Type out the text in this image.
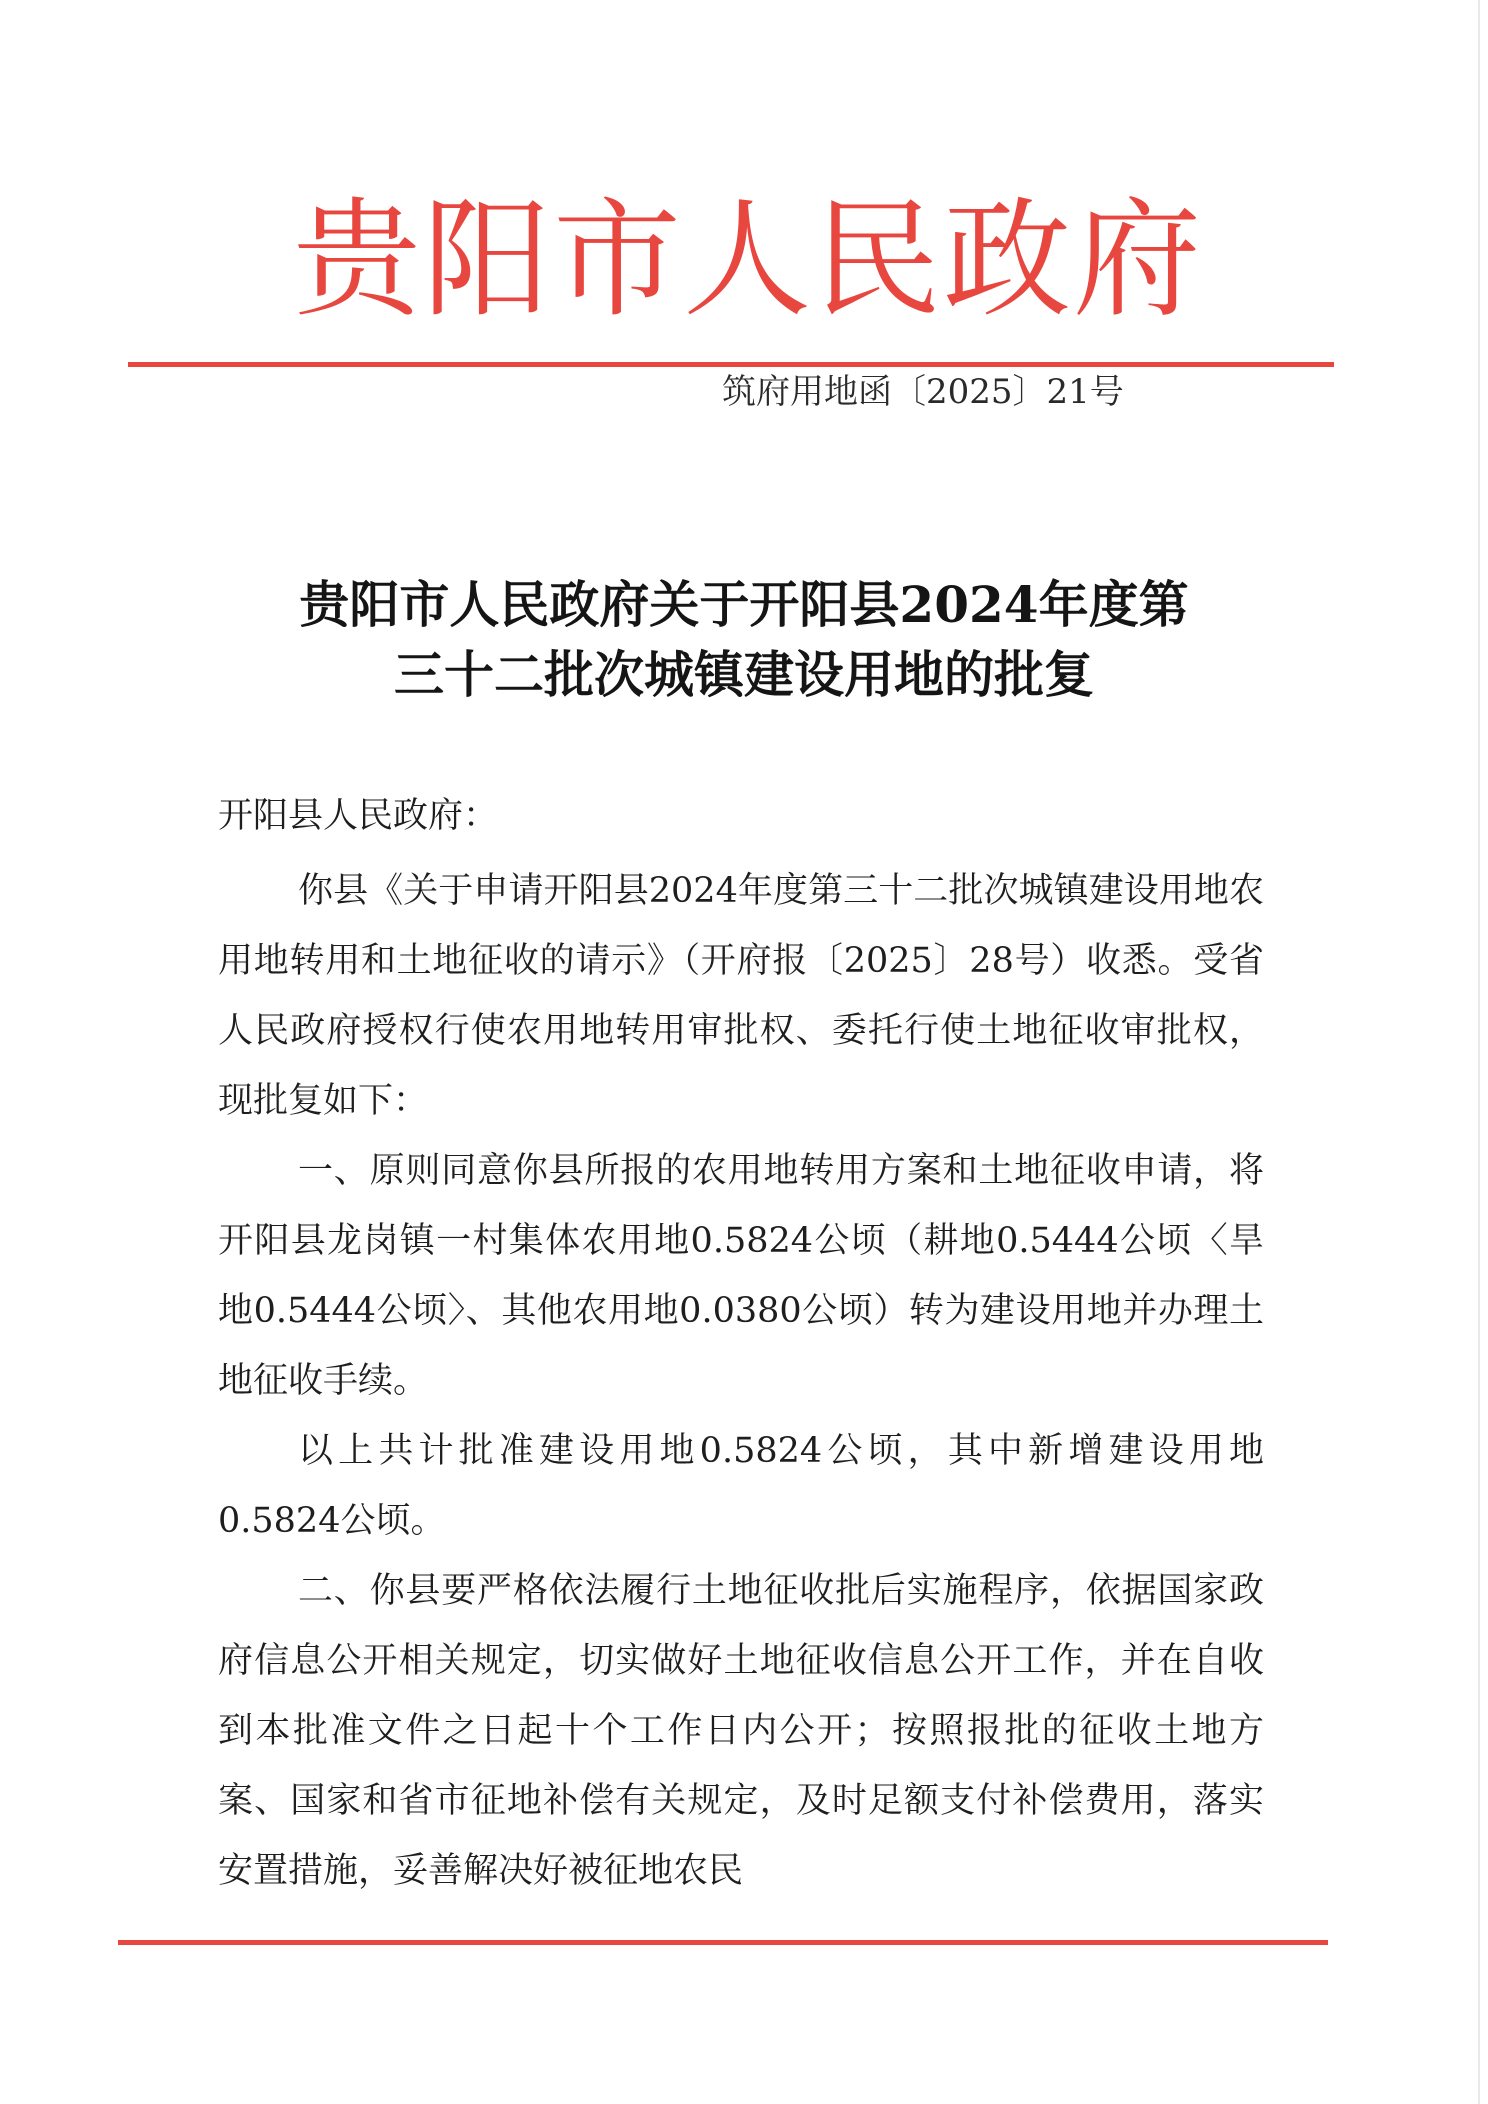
贵阳市人民政府
筑府用地函〔2025〕21号
贵阳市人民政府关于开阳县2024年度第
三十二批次城镇建设用地的批复
开阳县人民政府：

你县《关于申请开阳县2024年度第三十二批次城镇建设用地农用地转用和土地征收的请示》（开府报〔2025〕28号）收悉。受省人民政府授权行使农用地转用审批权、委托行使土地征收审批权，现批复如下：

一、原则同意你县所报的农用地转用方案和土地征收申请，将开阳县龙岗镇一村集体农用地0.5824公顷（耕地0.5444公顷〈旱地0.5444公顷〉、其他农用地0.0380公顷）转为建设用地并办理土地征收手续。

以上共计批准建设用地0.5824公顷，其中新增建设用地0.5824公顷。

二、你县要严格依法履行土地征收批后实施程序，依据国家政府信息公开相关规定，切实做好土地征收信息公开工作，并在自收到本批准文件之日起十个工作日内公开；按照报批的征收土地方案、国家和省市征地补偿有关规定，及时足额支付补偿费用，落实安置措施，妥善解决好被征地农民
